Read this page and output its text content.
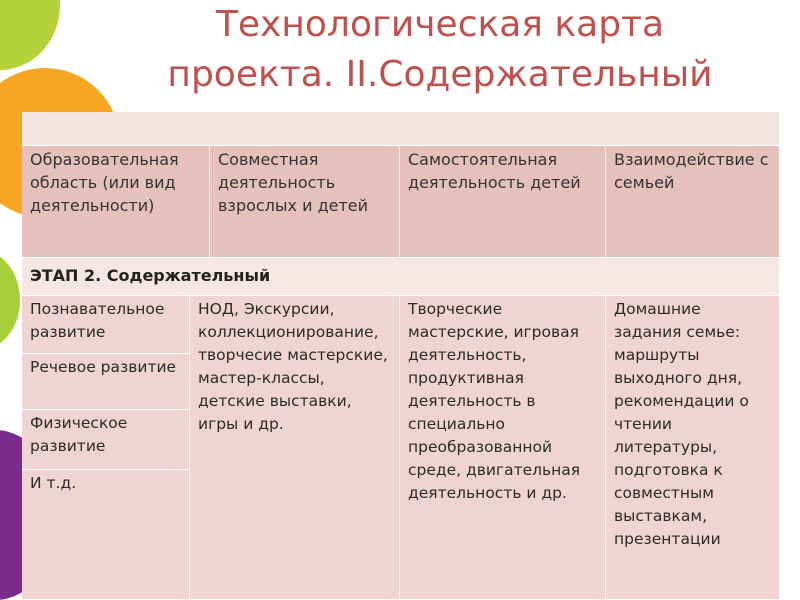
Технологическая карта
проекта. II.Содержательный
Образовательная область (или вид деятельности)
Совместная деятельность взрослых и детей
Самостоятельная деятельность детей
Взаимодействие с семьей
ЭТАП 2. Содержательный
Познавательное развитие
Речевое развитие
Физическое развитие
И т.д.
НОД, Экскурсии, коллекционирование, творчесие мастерские, мастер-классы, детские выставки, игры и др.
Творческие мастерские, игровая деятельность, продуктивная деятельность в специально преобразованной среде, двигательная деятельность и др.
Домашние задания семье: маршруты выходного дня, рекомендации о чтении литературы, подготовка к совместным выставкам, презентации
